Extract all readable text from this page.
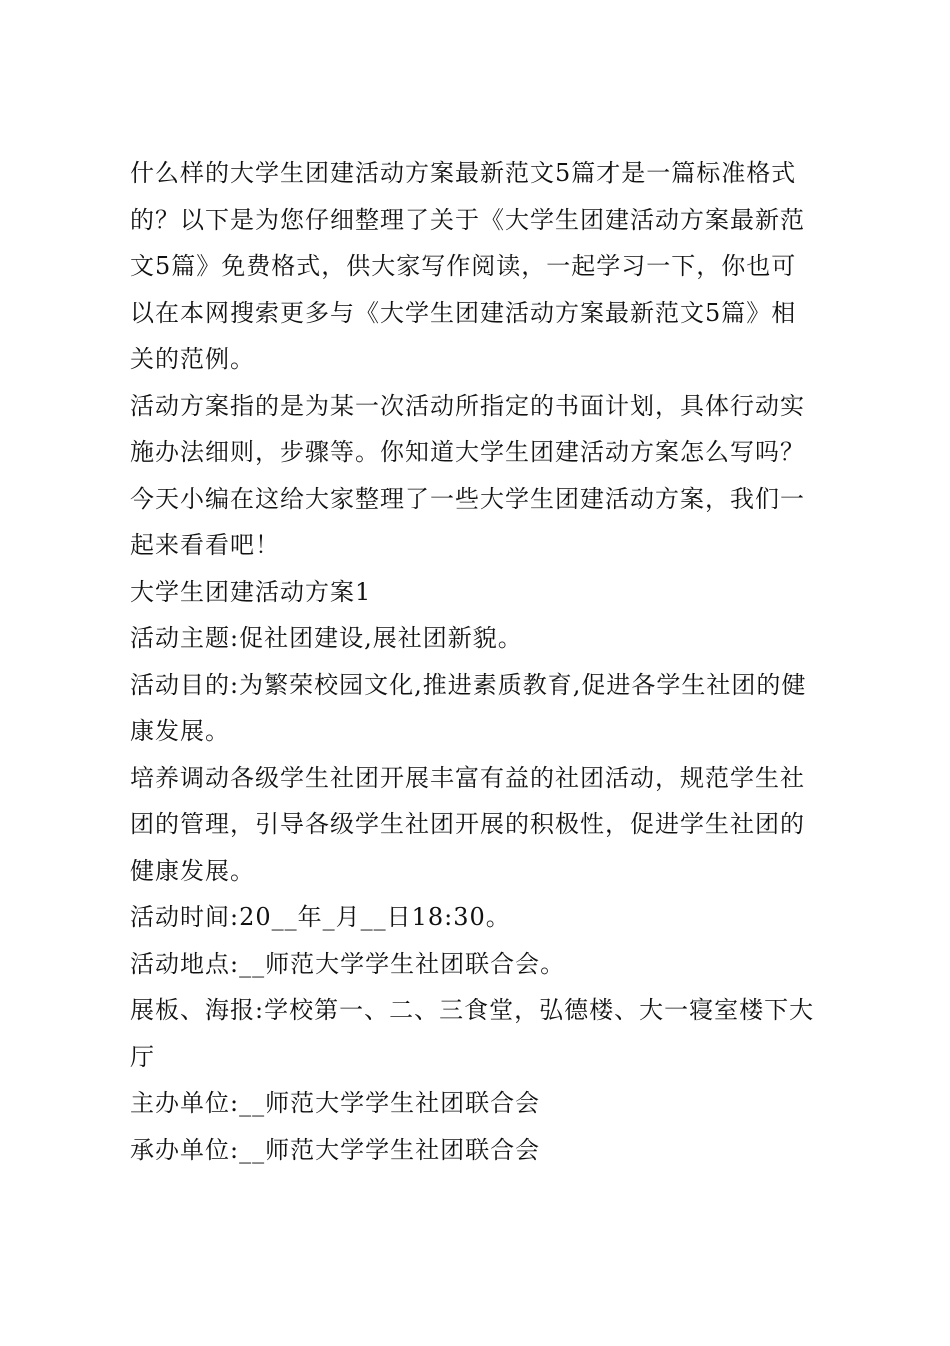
什么样的大学生团建活动方案最新范文5篇才是一篇标准格式的？以下是为您仔细整理了关于《大学生团建活动方案最新范文5篇》免费格式，供大家写作阅读，一起学习一下，你也可以在本网搜索更多与《大学生团建活动方案最新范文5篇》相关的范例。

活动方案指的是为某一次活动所指定的书面计划，具体行动实施办法细则，步骤等。你知道大学生团建活动方案怎么写吗？今天小编在这给大家整理了一些大学生团建活动方案，我们一起来看看吧！

大学生团建活动方案1

活动主题:促社团建设,展社团新貌。

活动目的:为繁荣校园文化,推进素质教育,促进各学生社团的健康发展。

培养调动各级学生社团开展丰富有益的社团活动，规范学生社团的管理，引导各级学生社团开展的积极性，促进学生社团的健康发展。

活动时间:20__年_月__日18:30。

活动地点:__师范大学学生社团联合会。

展板、海报:学校第一、二、三食堂，弘德楼、大一寝室楼下大厅

主办单位:__师范大学学生社团联合会

承办单位:__师范大学学生社团联合会
